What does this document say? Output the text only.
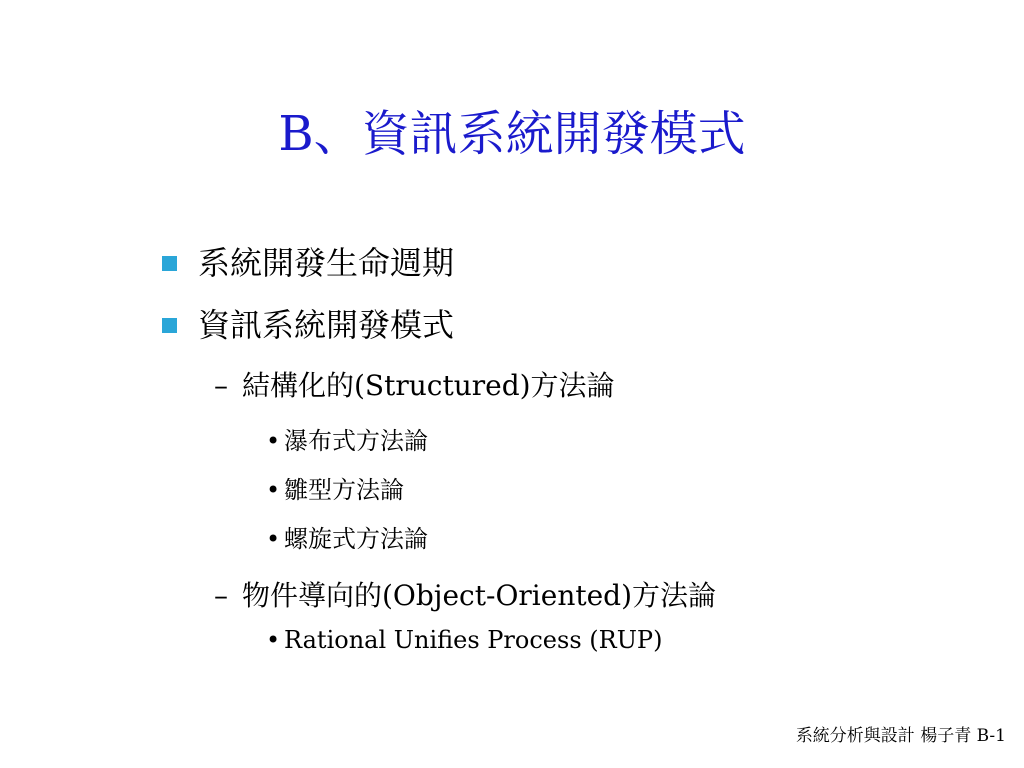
B、資訊系統開發模式
系統開發生命週期
資訊系統開發模式
– 結構化的(Structured)方法論
• 瀑布式方法論
• 雛型方法論
• 螺旋式方法論
– 物件導向的(Object-Oriented)方法論
• Rational Unifies Process (RUP)
系統分析與設計 楊子青 B-1
